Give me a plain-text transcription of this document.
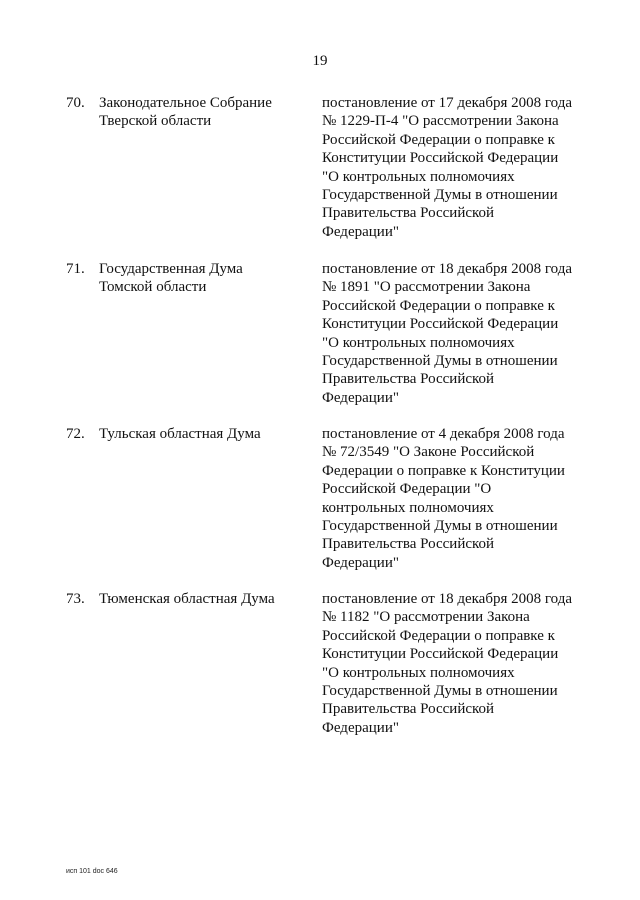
19
70. Законодательное Собрание
Тверской области
постановление от 17 декабря 2008 года
№ 1229-П-4 "О рассмотрении Закона
Российской Федерации о поправке к
Конституции Российской Федерации
"О контрольных полномочиях
Государственной Думы в отношении
Правительства Российской
Федерации"
71. Государственная Дума
Томской области
постановление от 18 декабря 2008 года
№ 1891 "О рассмотрении Закона
Российской Федерации о поправке к
Конституции Российской Федерации
"О контрольных полномочиях
Государственной Думы в отношении
Правительства Российской
Федерации"
72. Тульская областная Дума	постановление от 4 декабря 2008 года
№ 72/3549 "О Законе Российской
Федерации о поправке к Конституции
Российской Федерации "О
контрольных полномочиях
Государственной Думы в отношении
Правительства Российской
Федерации"
73. Тюменская областная Дума	постановление от 18 декабря 2008 года
№ 1182 "О рассмотрении Закона
Российской Федерации о поправке к
Конституции Российской Федерации
"О контрольных полномочиях
Государственной Думы в отношении
Правительства Российской
Федерации"
исп 101 doc 646
